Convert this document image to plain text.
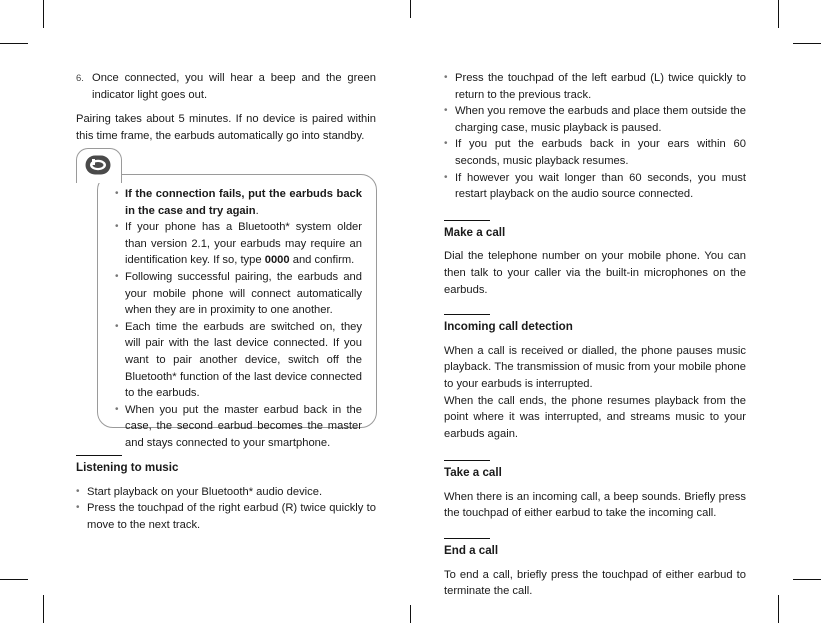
6. Once connected, you will hear a beep and the green indicator light goes out.

Pairing takes about 5 minutes. If no device is paired within this time frame, the earbuds automatically go into standby.

• If the connection fails, put the earbuds back in the case and try again.
• If your phone has a Bluetooth* system older than version 2.1, your earbuds may require an identification key. If so, type 0000 and confirm.
• Following successful pairing, the earbuds and your mobile phone will connect automatically when they are in proximity to one another.
• Each time the earbuds are switched on, they will pair with the last device connected. If you want to pair another device, switch off the Bluetooth* function of the last device connected to the earbuds.
• When you put the master earbud back in the case, the second earbud becomes the master and stays connected to your smartphone.
Listening to music
• Start playback on your Bluetooth* audio device.
• Press the touchpad of the right earbud (R) twice quickly to move to the next track.
• Press the touchpad of the left earbud (L) twice quickly to return to the previous track.
• When you remove the earbuds and place them outside the charging case, music playback is paused.
• If you put the earbuds back in your ears within 60 seconds, music playback resumes.
• If however you wait longer than 60 seconds, you must restart playback on the audio source connected.
Make a call

Dial the telephone number on your mobile phone. You can then talk to your caller via the built-in microphones on the earbuds.

Incoming call detection

When a call is received or dialled, the phone pauses music playback. The transmission of music from your mobile phone to your earbuds is interrupted.

When the call ends, the phone resumes playback from the point where it was interrupted, and streams music to your earbuds again.

Take a call

When there is an incoming call, a beep sounds. Briefly press the touchpad of either earbud to take the incoming call.

End a call

To end a call, briefly press the touchpad of either earbud to terminate the call.
